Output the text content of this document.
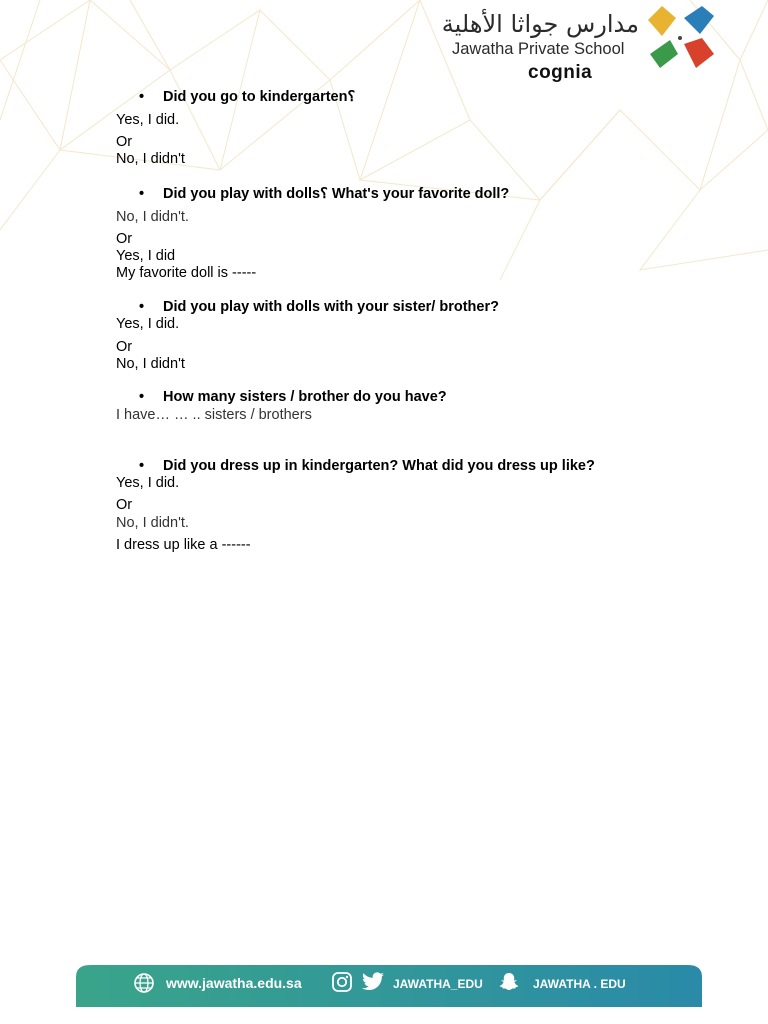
مدارس جواثا الأهلية
Jawatha Private School
cognia
• Did you go to kindergarten؟
Yes, I did.
Or
No, I didn't
• Did you play with dolls؟ What's your favorite doll?
No, I didn't.
Or
Yes, I did
My favorite doll is -----
• Did you play with dolls with your sister/ brother?
Yes, I did.
Or
No, I didn't
• How many sisters / brother do you have?
I have… … .. sisters / brothers
• Did you dress up in kindergarten? What did you dress up like?
Yes, I did.
Or
No, I didn't.
I dress up like a ------
www.jawatha.edu.sa	JAWATHA_EDU	JAWATHA . EDU
